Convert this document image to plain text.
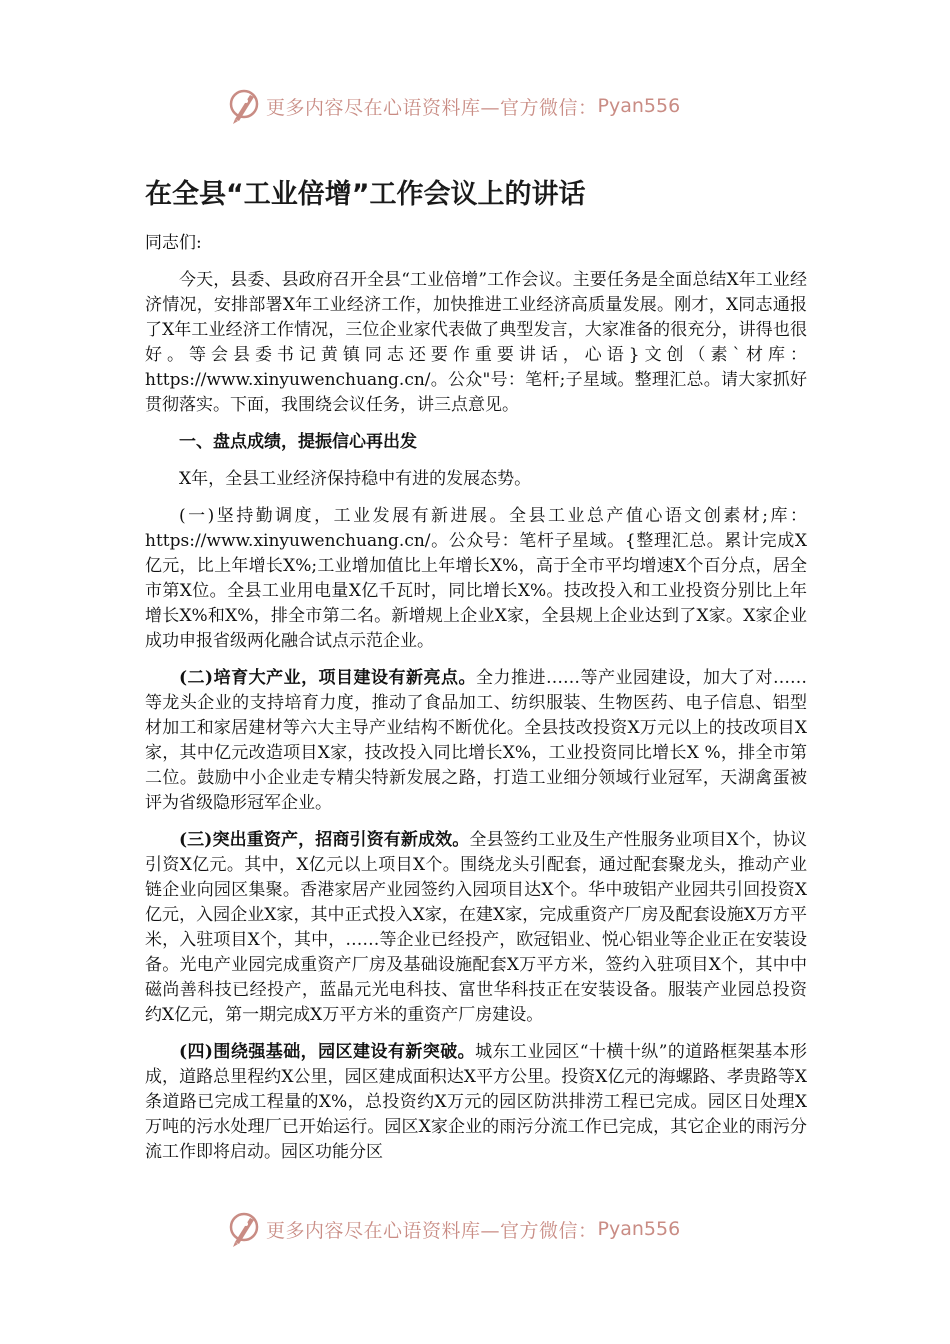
更多内容尽在心语资料库—官方微信： Pyan556
在全县“工业倍增”工作会议上的讲话

同志们:

今天，县委、县政府召开全县“工业倍增”工作会议。主要任务是全面总结X年工业经济情况，安排部署X年工业经济工作，加快推进工业经济高质量发展。刚才，X同志通报了X年工业经济工作情况，三位企业家代表做了典型发言，大家准备的很充分，讲得也很好。等会县委书记黄镇同志还要作重要讲话，心语}文创（素`材库：https://www.xinyuwenchuang.cn/。公众"号：笔杆;子星域。整理汇总。请大家抓好贯彻落实。下面，我围绕会议任务，讲三点意见。

一、盘点成绩，提振信心再出发

X年，全县工业经济保持稳中有进的发展态势。

(一)坚持勤调度，工业发展有新进展。全县工业总产值心语文创素材;库：https://www.xinyuwenchuang.cn/。公众号：笔杆子星域。{整理汇总。累计完成X亿元，比上年增长X%;工业增加值比上年增长X%，高于全市平均增速X个百分点，居全市第X位。全县工业用电量X亿千瓦时，同比增长X%。技改投入和工业投资分别比上年增长X%和X%，排全市第二名。新增规上企业X家，全县规上企业达到了X家。X家企业成功申报省级两化融合试点示范企业。

(二)培育大产业，项目建设有新亮点。全力推进……等产业园建设，加大了对……等龙头企业的支持培育力度，推动了食品加工、纺织服装、生物医药、电子信息、铝型材加工和家居建材等六大主导产业结构不断优化。全县技改投资X万元以上的技改项目X家，其中亿元改造项目X家，技改投入同比增长X%，工业投资同比增长X %，排全市第二位。鼓励中小企业走专精尖特新发展之路，打造工业细分领域行业冠军，天湖禽蛋被评为省级隐形冠军企业。

(三)突出重资产，招商引资有新成效。全县签约工业及生产性服务业项目X个，协议引资X亿元。其中，X亿元以上项目X个。围绕龙头引配套，通过配套聚龙头，推动产业链企业向园区集聚。香港家居产业园签约入园项目达X个。华中玻铝产业园共引回投资X亿元，入园企业X家，其中正式投入X家，在建X家，完成重资产厂房及配套设施X万方平米，入驻项目X个，其中，……等企业已经投产，欧冠铝业、悦心铝业等企业正在安装设备。光电产业园完成重资产厂房及基础设施配套X万平方米，签约入驻项目X个，其中中磁尚善科技已经投产，蓝晶元光电科技、富世华科技正在安装设备。服装产业园总投资约X亿元，第一期完成X万平方米的重资产厂房建设。

(四)围绕强基础，园区建设有新突破。城东工业园区“十横十纵”的道路框架基本形成，道路总里程约X公里，园区建成面积达X平方公里。投资X亿元的海螺路、孝贵路等X条道路已完成工程量的X%，总投资约X万元的园区防洪排涝工程已完成。园区日处理X万吨的污水处理厂已开始运行。园区X家企业的雨污分流工作已完成，其它企业的雨污分流工作即将启动。园区功能分区

更多内容尽在心语资料库—官方微信： Pyan556
